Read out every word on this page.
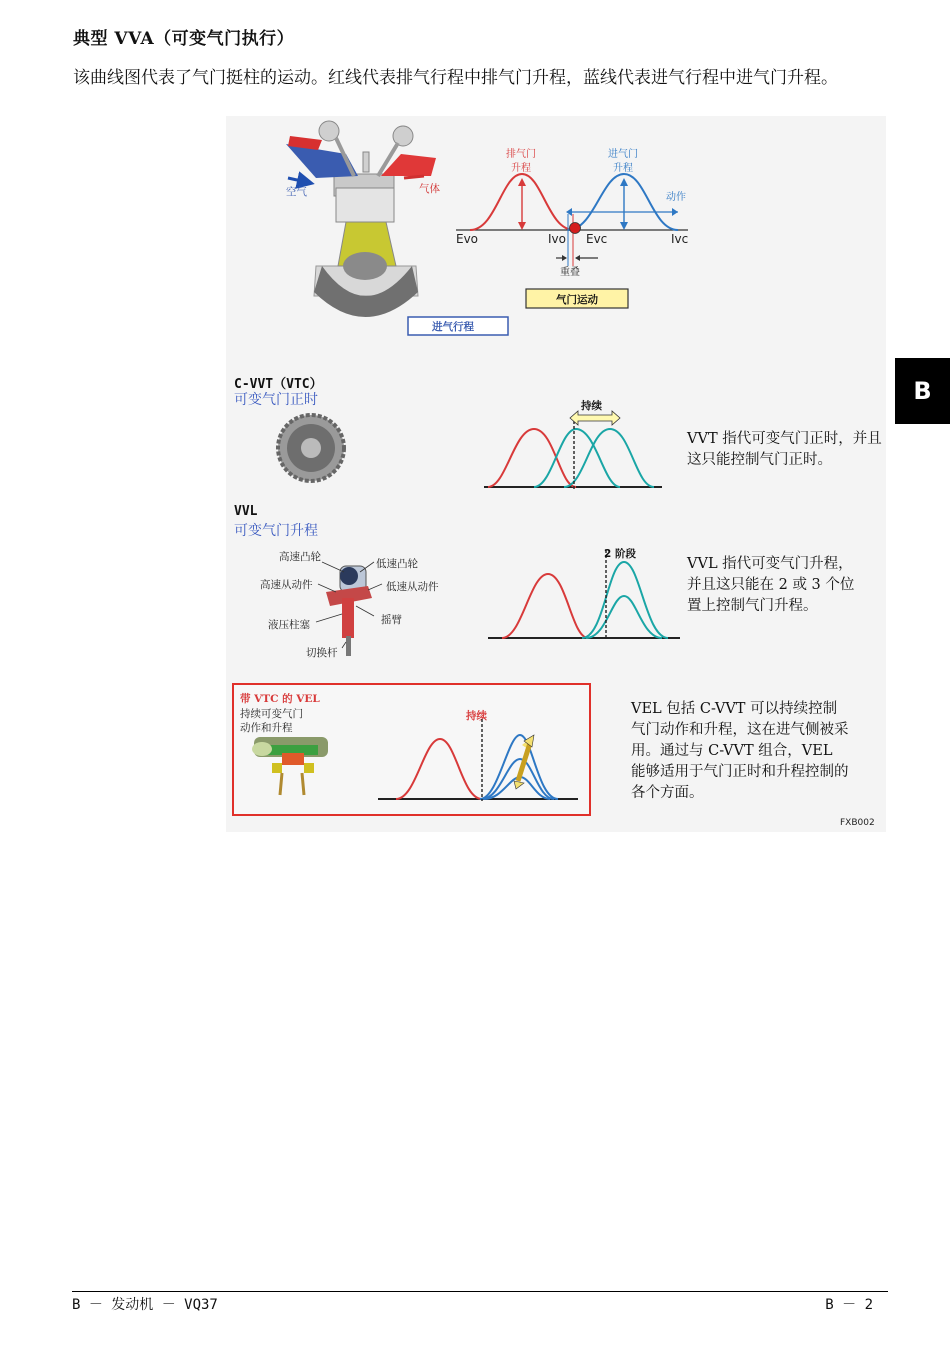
典型 VVA（可变气门执行）
该曲线图代表了气门挺柱的运动。红线代表排气行程中排气门升程，蓝线代表进气行程中进气门升程。
空气	气体
排气门
升程
进气门
升程
动作
Evo	Ivo Evc	Ivc
重叠
气门运动
进气行程
C-VVT（VTC）
可变气门正时	持续
VVT 指代可变气门正时，并且这只能控制气门正时。
VVL
可变气门升程
高速凸轮
低速凸轮
高速从动件	低速从动件
液压柱塞	摇臂
切换杆
2 阶段
VVL 指代可变气门升程，并且这只能在 2 或 3 个位置上控制气门升程。
带 VTC 的 VEL
持续可变气门
动作和升程
持续	VEL 包括 C-VVT 可以持续控制气门动作和升程，这在进气侧被采用。通过与 C-VVT 组合，VEL 能够适用于气门正时和升程控制的各个方面。
FXB002
B
B － 发动机 － VQ37	B － 2
